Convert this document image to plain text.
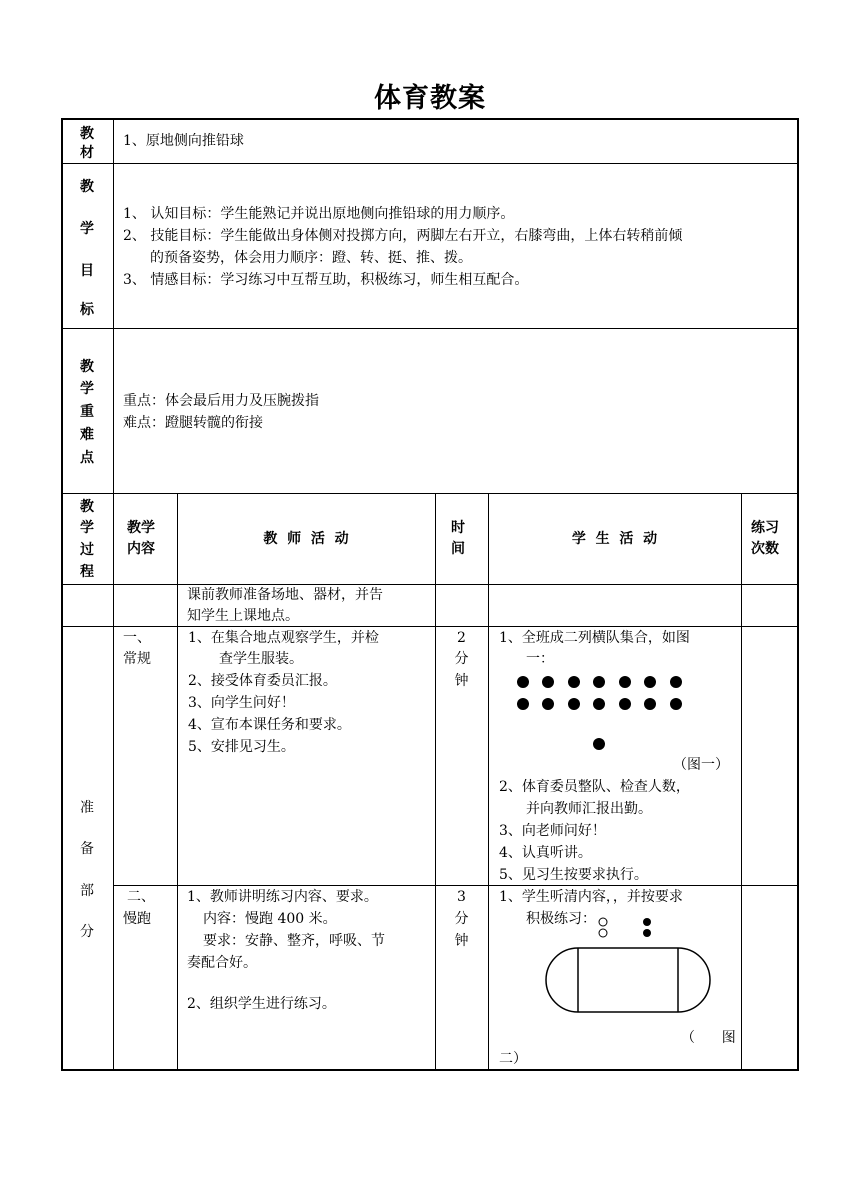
体育教案
教
材
1、原地侧向推铅球
教
学
目
标
1、 认知目标：学生能熟记并说出原地侧向推铅球的用力顺序。
2、 技能目标：学生能做出身体侧对投掷方向，两脚左右开立，右膝弯曲，上体右转稍前倾
的预备姿势，体会用力顺序：蹬、转、挺、推、拨。
3、 情感目标：学习练习中互帮互助，积极练习，师生相互配合。
教
学
重
难
点
重点：体会最后用力及压腕拨指
难点：蹬腿转髋的衔接
教
学
过
程
教学
内容
教  师  活  动
时
间
学  生  活  动
练习
次数
课前教师准备场地、器材，并告
知学生上课地点。
准
备
部
分
一、
常规
1、在集合地点观察学生，并检
查学生服装。
2、接受体育委员汇报。
3、向学生问好！
4、宣布本课任务和要求。
5、安排见习生。
2
分
钟
1、全班成二列横队集合，如图
一：
（图一）
2、体育委员整队、检查人数，
并向教师汇报出勤。
3、向老师问好！
4、认真听讲。
5、见习生按要求执行。
二、
慢跑
1、教师讲明练习内容、要求。
内容：慢跑 400 米。
要求：安静、整齐，呼吸、节
奏配合好。
2、组织学生进行练习。
3
分
钟
1、学生听清内容，，并按要求
积极练习：
（      图
二）
